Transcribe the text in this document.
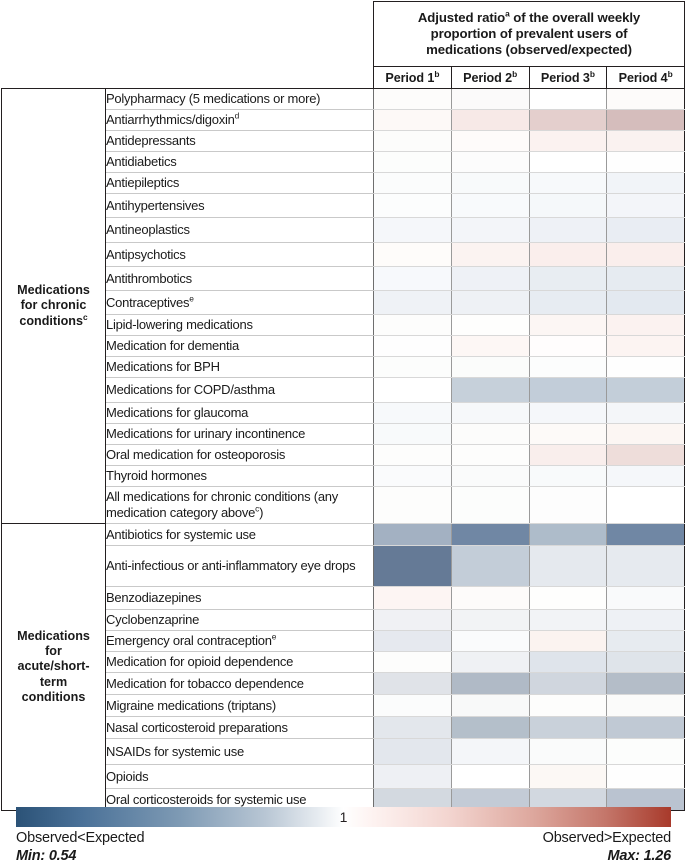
		Adjusted ratio$^a$ of the overall weekly
proportion of prevalent users of
medications (observed/expected)			
		Period 1$^b$	Period 2$^b$	Period 3$^b$	Period 4$^b$
Medications
for chronic
conditions$^c$	Polypharmacy (5 medications or more)				
	Antiarrhythmics/digoxin$^d$				
	Antidepressants				
	Antidiabetics				
	Antiepileptics				
	Antihypertensives				
	Antineoplastics				
	Antipsychotics				
	Antithrombotics				
	Contraceptives$^e$				
	Lipid-lowering medications				
	Medication for dementia				
	Medications for BPH				
	Medications for COPD/asthma				
	Medications for glaucoma				
	Medications for urinary incontinence				
	Oral medication for osteoporosis				
	Thyroid hormones				
	All medications for chronic conditions (any medication category above$^c$)				
Medications
for
acute/short-
term
conditions	Antibiotics for systemic use				
	Anti-infectious or anti-inflammatory eye drops				
	Benzodiazepines				
	Cyclobenzaprine				
	Emergency oral contraception$^e$				
	Medication for opioid dependence				
	Medication for tobacco dependence				
	Migraine medications (triptans)				
	Nasal corticosteroid preparations				
	NSAIDs for systemic use				
	Opioids				
	Oral corticosteroids for systemic use				
1
Observed<Expected	Observed>Expected
Min: 0.54	Max: 1.26
